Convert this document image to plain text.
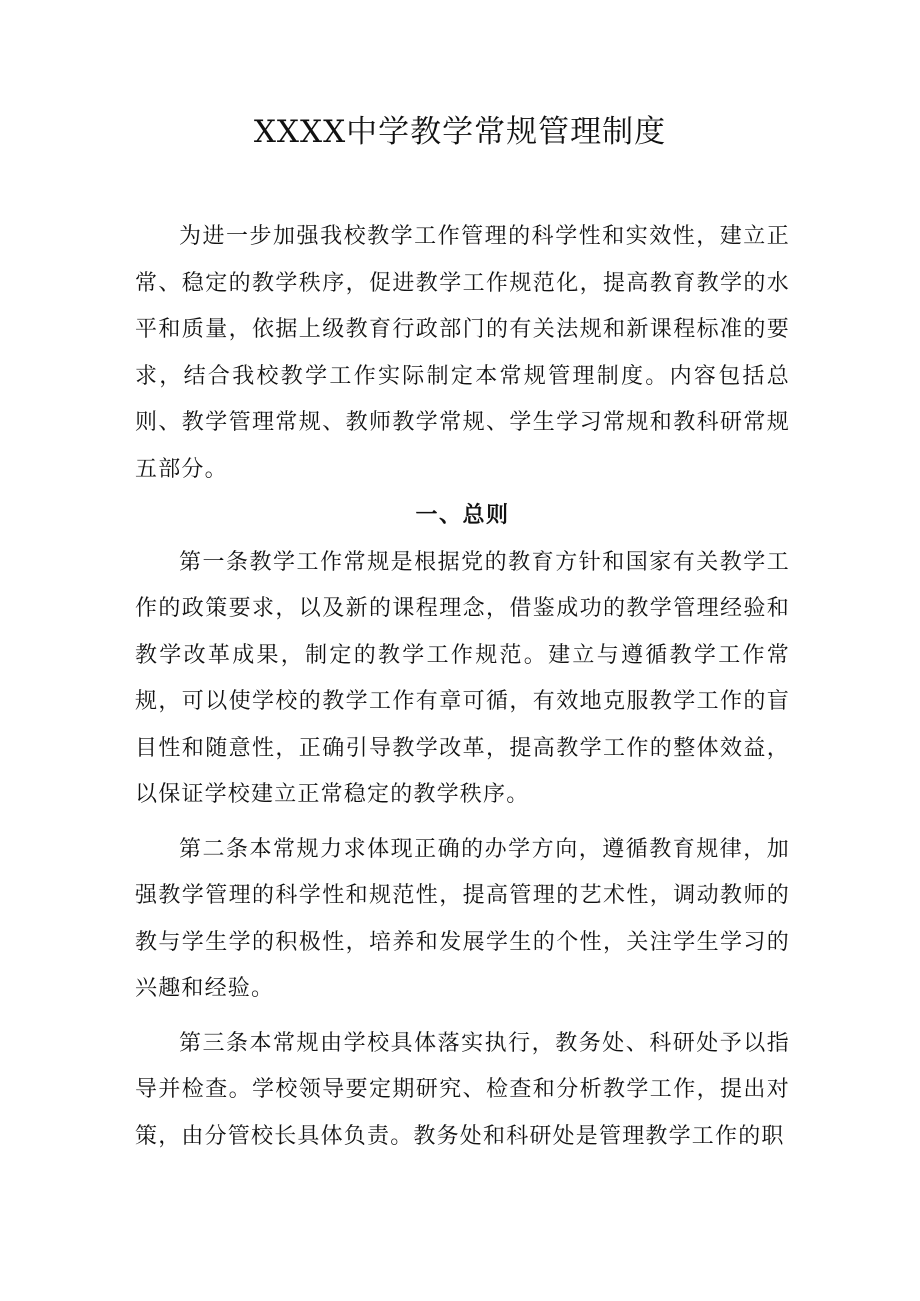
XXXX中学教学常规管理制度

为进一步加强我校教学工作管理的科学性和实效性，建立正常、稳定的教学秩序，促进教学工作规范化，提高教育教学的水平和质量，依据上级教育行政部门的有关法规和新课程标准的要求，结合我校教学工作实际制定本常规管理制度。内容包括总则、教学管理常规、教师教学常规、学生学习常规和教科研常规五部分。

一、总则

第一条教学工作常规是根据党的教育方针和国家有关教学工作的政策要求，以及新的课程理念，借鉴成功的教学管理经验和教学改革成果，制定的教学工作规范。建立与遵循教学工作常规，可以使学校的教学工作有章可循，有效地克服教学工作的盲目性和随意性，正确引导教学改革，提高教学工作的整体效益，以保证学校建立正常稳定的教学秩序。

第二条本常规力求体现正确的办学方向，遵循教育规律，加强教学管理的科学性和规范性，提高管理的艺术性，调动教师的教与学生学的积极性，培养和发展学生的个性，关注学生学习的兴趣和经验。

第三条本常规由学校具体落实执行，教务处、科研处予以指导并检查。学校领导要定期研究、检查和分析教学工作，提出对策，由分管校长具体负责。教务处和科研处是管理教学工作的职
